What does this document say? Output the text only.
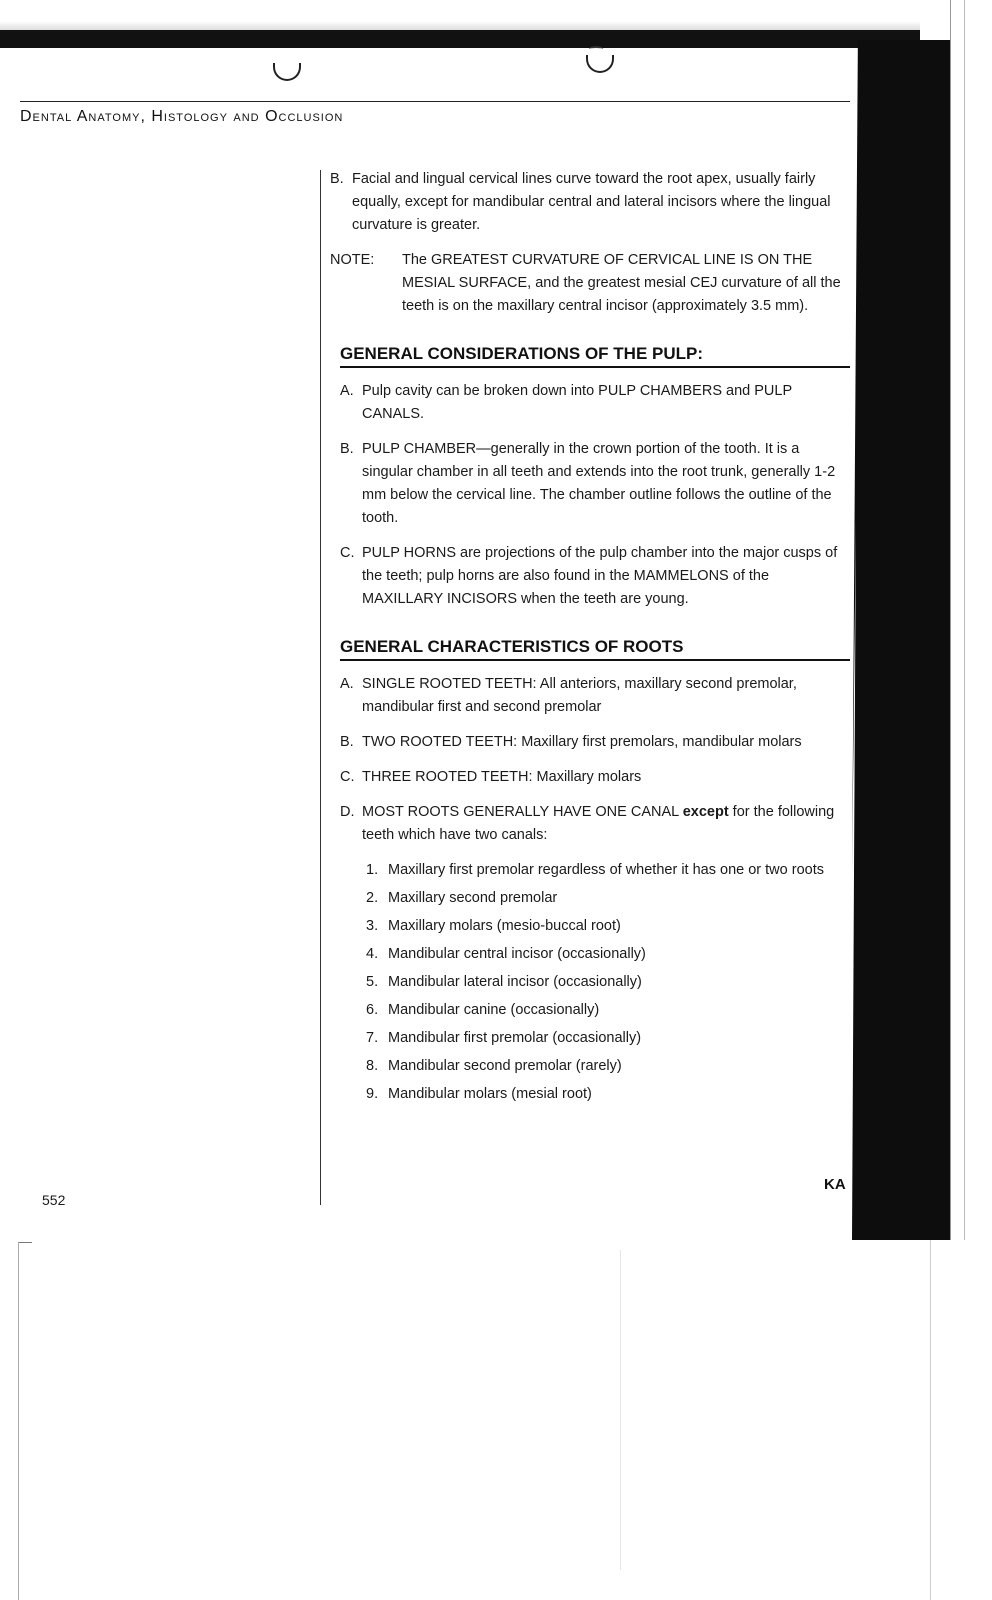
Dental Anatomy, Histology and Occlusion
B. Facial and lingual cervical lines curve toward the root apex, usually fairly equally, except for mandibular central and lateral incisors where the lingual curvature is greater.
NOTE: The GREATEST CURVATURE OF CERVICAL LINE IS ON THE MESIAL SURFACE, and the greatest mesial CEJ curvature of all the teeth is on the maxillary central incisor (approximately 3.5 mm).
GENERAL CONSIDERATIONS OF THE PULP:
A. Pulp cavity can be broken down into PULP CHAMBERS and PULP CANALS.
B. PULP CHAMBER—generally in the crown portion of the tooth. It is a singular chamber in all teeth and extends into the root trunk, generally 1-2 mm below the cervical line. The chamber outline follows the outline of the tooth.
C. PULP HORNS are projections of the pulp chamber into the major cusps of the teeth; pulp horns are also found in the MAMMELONS of the MAXILLARY INCISORS when the teeth are young.
GENERAL CHARACTERISTICS OF ROOTS
A. SINGLE ROOTED TEETH: All anteriors, maxillary second premolar, mandibular first and second premolar
B. TWO ROOTED TEETH: Maxillary first premolars, mandibular molars
C. THREE ROOTED TEETH: Maxillary molars
D. MOST ROOTS GENERALLY HAVE ONE CANAL except for the following teeth which have two canals:
1. Maxillary first premolar regardless of whether it has one or two roots
2. Maxillary second premolar
3. Maxillary molars (mesio-buccal root)
4. Mandibular central incisor (occasionally)
5. Mandibular lateral incisor (occasionally)
6. Mandibular canine (occasionally)
7. Mandibular first premolar (occasionally)
8. Mandibular second premolar (rarely)
9. Mandibular molars (mesial root)
KA
552
